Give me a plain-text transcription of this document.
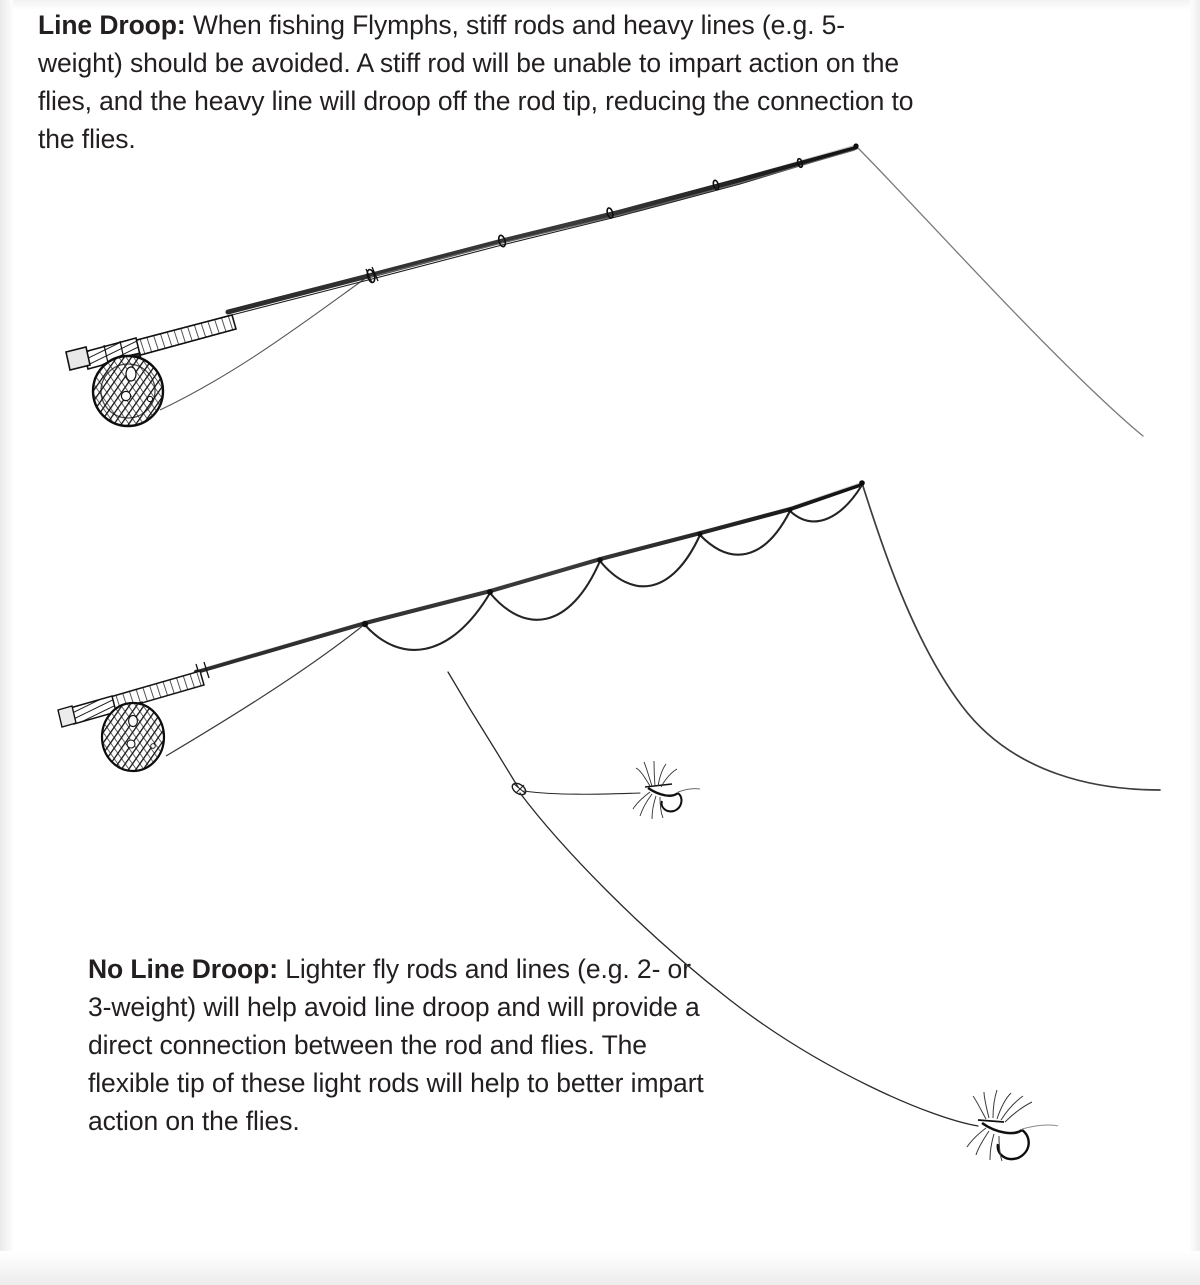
Line Droop: When fishing Flymphs, stiff rods and heavy lines (e.g. 5-weight) should be avoided. A stiff rod will be unable to impart action on the flies, and the heavy line will droop off the rod tip, reducing the connection to the flies.
No Line Droop: Lighter fly rods and lines (e.g. 2- or 3-weight) will help avoid line droop and will provide a direct connection between the rod and flies. The flexible tip of these light rods will help to better impart action on the flies.
